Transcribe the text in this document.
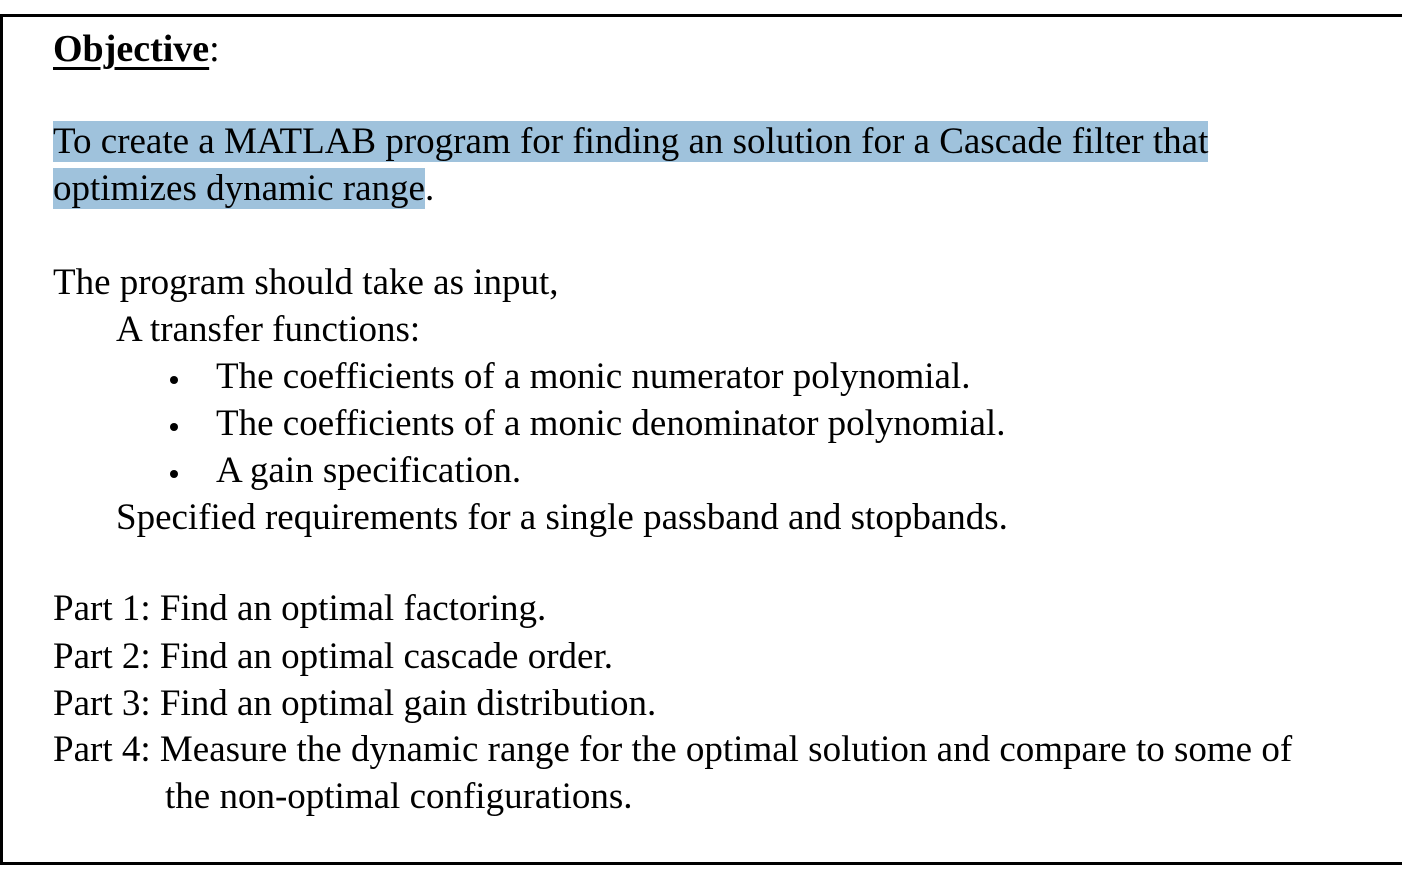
Objective:
To create a MATLAB program for finding an solution for a Cascade filter that
optimizes dynamic range.
The program should take as input,
A transfer functions:
The coefficients of a monic numerator polynomial.
The coefficients of a monic denominator polynomial.
A gain specification.
Specified requirements for a single passband and stopbands.
Part 1: Find an optimal factoring.
Part 2: Find an optimal cascade order.
Part 3: Find an optimal gain distribution.
Part 4: Measure the dynamic range for the optimal solution and compare to some of
the non-optimal configurations.
